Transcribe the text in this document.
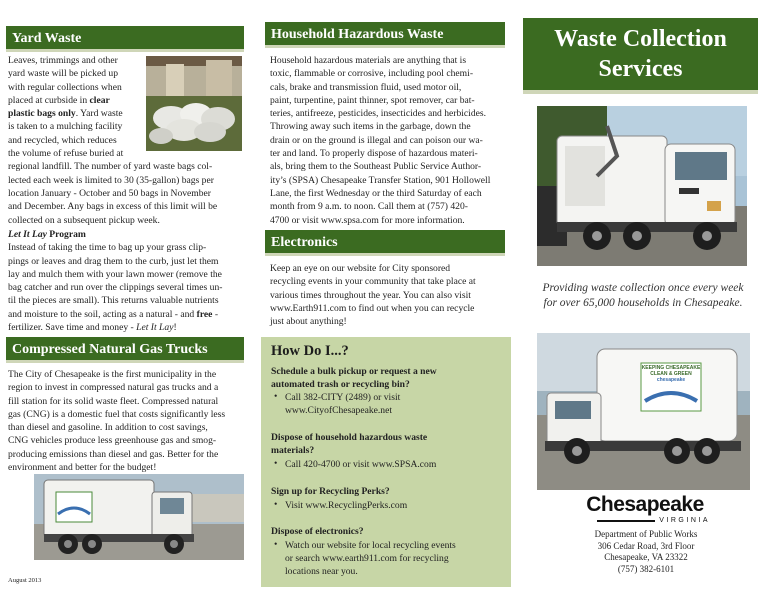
Yard Waste
Leaves, trimmings and other
yard waste will be picked up
with regular collections when
placed at curbside in clear
plastic bags only. Yard waste
is taken to a mulching facility
and recycled, which reduces
the volume of refuse buried at
regional landfill. The number of yard waste bags col-
lected each week is limited to 30 (35-gallon) bags per
location January - October and 50 bags in November
and December. Any bags in excess of this limit will be
collected on a subsequent pickup week.
Let It Lay Program
Instead of taking the time to bag up your grass clip-
pings or leaves and drag them to the curb, just let them
lay and mulch them with your lawn mower (remove the
bag catcher and run over the clippings several times un-
til the pieces are small). This returns valuable nutrients
and moisture to the soil, acting as a natural - and free -
fertilizer. Save time and money - Let It Lay!
Compressed Natural Gas Trucks
The City of Chesapeake is the first municipality in the
region to invest in compressed natural gas trucks and a
fill station for its solid waste fleet. Compressed natural
gas (CNG) is a domestic fuel that costs significantly less
than diesel and gasoline. In addition to cost savings,
CNG vehicles produce less greenhouse gas and smog-
producing emissions than diesel and gas. Better for the
environment and better for the budget!
August 2013
Household Hazardous Waste
Household hazardous materials are anything that is
toxic, flammable or corrosive, including pool chemi-
cals, brake and transmission fluid, used motor oil,
paint, turpentine, paint thinner, spot remover, car bat-
teries, antifreeze, pesticides, insecticides and herbicides.
Throwing away such items in the garbage, down the
drain or on the ground is illegal and can poison our wa-
ter and land. To properly dispose of hazardous materi-
als, bring them to the Southeast Public Service Author-
ity’s (SPSA) Chesapeake Transfer Station, 901 Hollowell
Lane, the first Wednesday or the third Saturday of each
month from 9 a.m. to noon. Call them at (757) 420-
4700 or visit www.spsa.com for more information.
Electronics
Keep an eye on our website for City sponsored
recycling events in your community that take place at
various times throughout the year. You can also visit
www.Earth911.com to find out when you can recycle
just about anything!
How Do I...?
Schedule a bulk pickup or request a new
automated trash or recycling bin?
• Call 382-CITY (2489) or visit
www.CityofChesapeake.net
Dispose of household hazardous waste
materials?
• Call 420-4700 or visit www.SPSA.com
Sign up for Recycling Perks?
• Visit www.RecyclingPerks.com
Dispose of electronics?
• Watch our website for local recycling events
or search www.earth911.com for recycling
locations near you.
Waste Collection
Services
Providing waste collection once every week
for over 65,000 households in Chesapeake.
KEEPING CHESAPEAKE
CLEAN & GREEN
chesapeake
Chesapeake
VIRGINIA
Department of Public Works
306 Cedar Road, 3rd Floor
Chesapeake, VA 23322
(757) 382-6101
